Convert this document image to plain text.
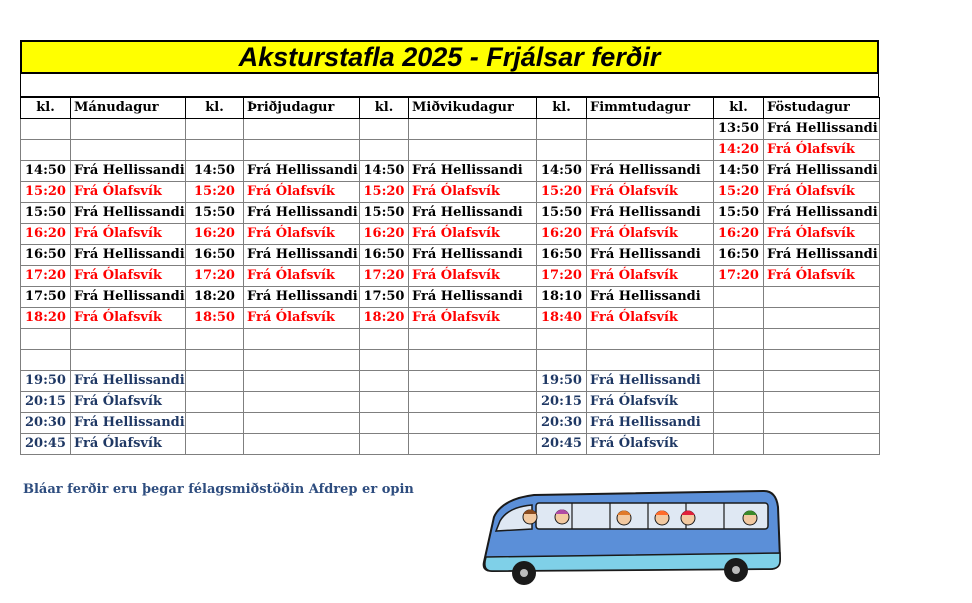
Aksturstafla 2025 - Frjálsar ferðir
kl.	Mánudagur	kl.	Þriðjudagur	kl.	Miðvikudagur	kl.	Fimmtudagur	kl.	Föstudagur
								13:50	Frá Hellissandi
								14:20	Frá Ólafsvík
14:50	Frá Hellissandi	14:50	Frá Hellissandi	14:50	Frá Hellissandi	14:50	Frá Hellissandi	14:50	Frá Hellissandi
15:20	Frá Ólafsvík	15:20	Frá Ólafsvík	15:20	Frá Ólafsvík	15:20	Frá Ólafsvík	15:20	Frá Ólafsvík
15:50	Frá Hellissandi	15:50	Frá Hellissandi	15:50	Frá Hellissandi	15:50	Frá Hellissandi	15:50	Frá Hellissandi
16:20	Frá Ólafsvík	16:20	Frá Ólafsvík	16:20	Frá Ólafsvík	16:20	Frá Ólafsvík	16:20	Frá Ólafsvík
16:50	Frá Hellissandi	16:50	Frá Hellissandi	16:50	Frá Hellissandi	16:50	Frá Hellissandi	16:50	Frá Hellissandi
17:20	Frá Ólafsvík	17:20	Frá Ólafsvík	17:20	Frá Ólafsvík	17:20	Frá Ólafsvík	17:20	Frá Ólafsvík
17:50	Frá Hellissandi	18:20	Frá Hellissandi	17:50	Frá Hellissandi	18:10	Frá Hellissandi		
18:20	Frá Ólafsvík	18:50	Frá Ólafsvík	18:20	Frá Ólafsvík	18:40	Frá Ólafsvík		

19:50	Frá Hellissandi					19:50	Frá Hellissandi		
20:15	Frá Ólafsvík					20:15	Frá Ólafsvík		
20:30	Frá Hellissandi					20:30	Frá Hellissandi		
20:45	Frá Ólafsvík					20:45	Frá Ólafsvík		
Bláar ferðir eru þegar félagsmiðstöðin Afdrep er opin
